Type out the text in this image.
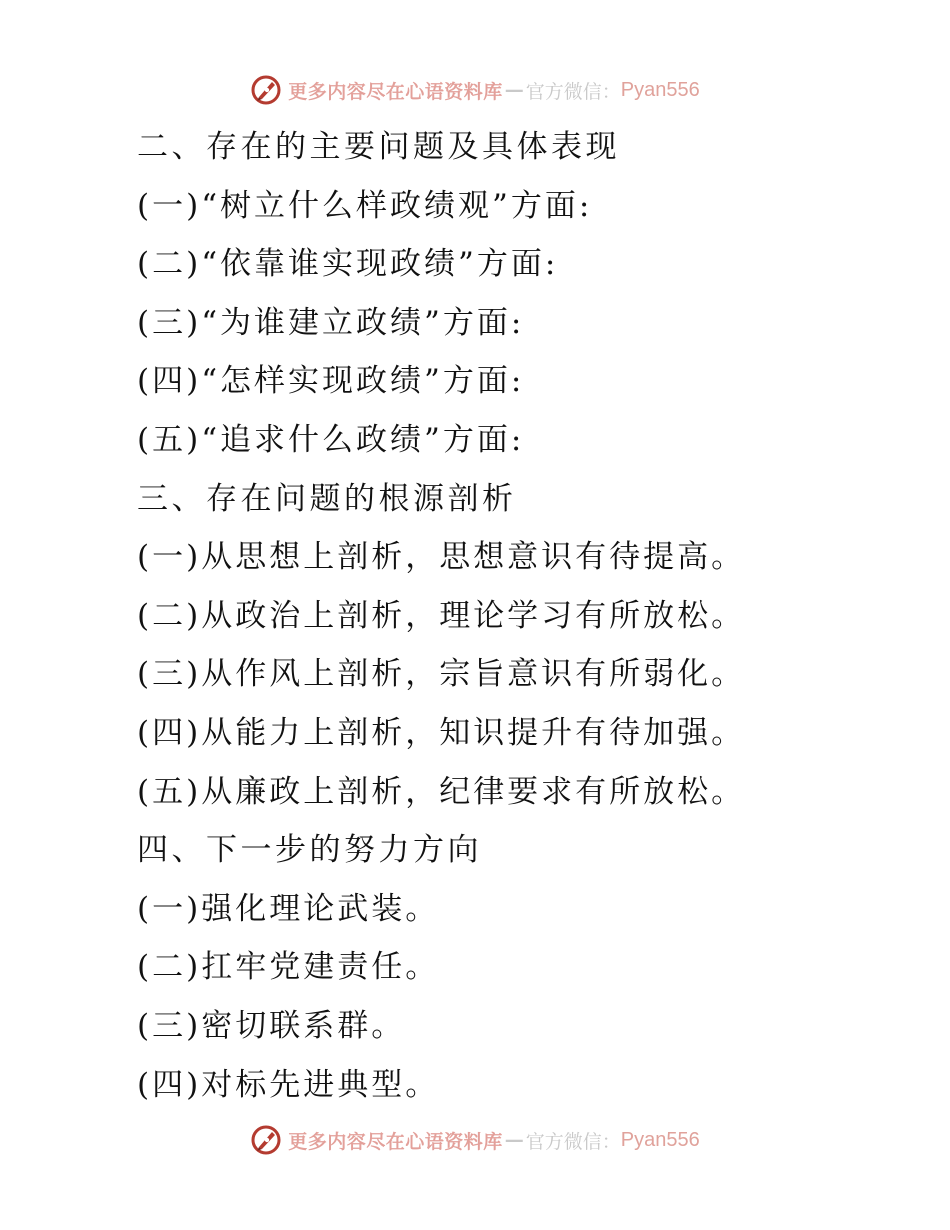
更多内容尽在心语资料库 — 官方微信： Pyan556
二、存在的主要问题及具体表现
(一)“树立什么样政绩观”方面:
(二)“依靠谁实现政绩”方面:
(三)“为谁建立政绩”方面:
(四)“怎样实现政绩”方面:
(五)“追求什么政绩”方面:
三、存在问题的根源剖析
(一)从思想上剖析，思想意识有待提高。
(二)从政治上剖析，理论学习有所放松。
(三)从作风上剖析，宗旨意识有所弱化。
(四)从能力上剖析，知识提升有待加强。
(五)从廉政上剖析，纪律要求有所放松。
四、下一步的努力方向
(一)强化理论武装。
(二)扛牢党建责任。
(三)密切联系群。
(四)对标先进典型。
更多内容尽在心语资料库 — 官方微信： Pyan556
